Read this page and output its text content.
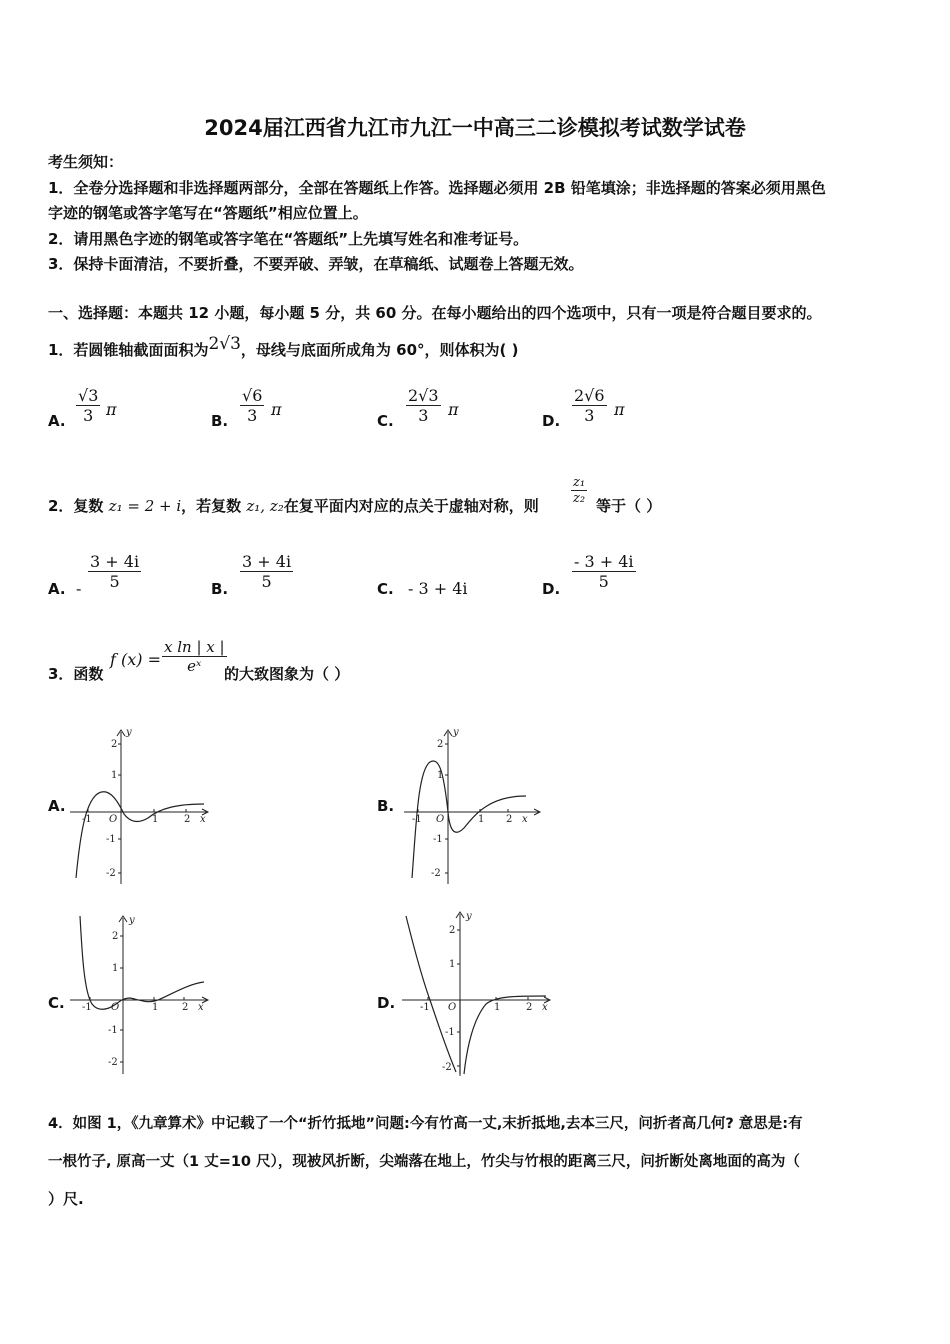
2024届江西省九江市九江一中高三二诊模拟考试数学试卷
考生须知：
1．全卷分选择题和非选择题两部分，全部在答题纸上作答。选择题必须用 2B 铅笔填涂；非选择题的答案必须用黑色
字迹的钢笔或答字笔写在“答题纸”相应位置上。
2．请用黑色字迹的钢笔或答字笔在“答题纸”上先填写姓名和准考证号。
3．保持卡面清洁，不要折叠，不要弄破、弄皱，在草稿纸、试题卷上答题无效。
一、选择题：本题共 12 小题，每小题 5 分，共 60 分。在每小题给出的四个选项中，只有一项是符合题目要求的。
1．若圆锥轴截面面积为2√3，母线与底面所成角为 60°，则体积为( )
A. $\frac{√3}{3}$ π
B. $\frac{√6}{3}$ π
C. $\frac{2√3}{3}$ π
D. $\frac{2√6}{3}$ π
2．复数 z₁ = 2 + i，若复数 z₁, z₂在复平面内对应的点关于虚轴对称，则 $\frac{\text{z₁}}{\text{z₂}}$ 等于（ ）
A. - $\frac{3 + 4i}{5}$	B. $\frac{3 + 4i}{5}$	C. - 3 + 4i	D. $\frac{- 3 + 4i}{5}$
3．函数
f $(x) = \frac{\text{x ln | x |}}{\text{eˣ}}$
的大致图象为（ ）
A.	B.
C.	D.
y
2
1
-1
-2
-1 O	1	2 x
y
2
1
-1
-2
-1 O	1 2 x
y
2
1
-1
-2
-1 O	1 2 x
y
2
1
-1
-2
-1 O	1	2 x
4．如图 1，《九章算术》中记载了一个“折竹抵地”问题:今有竹高一丈,末折抵地,去本三尺，问折者高几何? 意思是:有
一根竹子, 原高一丈（1 丈=10 尺），现被风折断，尖端落在地上，竹尖与竹根的距离三尺，问折断处离地面的高为（
）尺.
